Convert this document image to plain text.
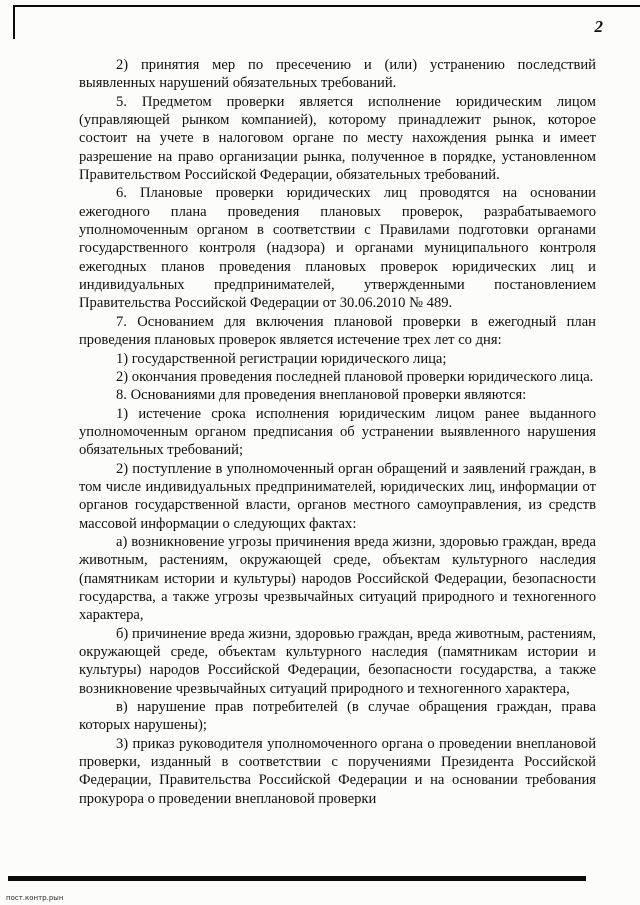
2

2) принятия мер по пресечению и (или) устранению последствий выявленных нарушений обязательных требований.

5. Предметом проверки является исполнение юридическим лицом (управляющей рынком компанией), которому принадлежит рынок, которое состоит на учете в налоговом органе по месту нахождения рынка и имеет разрешение на право организации рынка, полученное в порядке, установленном Правительством Российской Федерации, обязательных требований.

6. Плановые проверки юридических лиц проводятся на основании ежегодного плана проведения плановых проверок, разрабатываемого уполномоченным органом в соответствии с Правилами подготовки органами государственного контроля (надзора) и органами муниципального контроля ежегодных планов проведения плановых проверок юридических лиц и индивидуальных предпринимателей, утвержденными постановлением Правительства Российской Федерации от 30.06.2010 № 489.

7. Основанием для включения плановой проверки в ежегодный план проведения плановых проверок является истечение трех лет со дня:

1) государственной регистрации юридического лица;

2) окончания проведения последней плановой проверки юридического лица.

8. Основаниями для проведения внеплановой проверки являются:

1) истечение срока исполнения юридическим лицом ранее выданного уполномоченным органом предписания об устранении выявленного нарушения обязательных требований;

2) поступление в уполномоченный орган обращений и заявлений граждан, в том числе индивидуальных предпринимателей, юридических лиц, информации от органов государственной власти, органов местного самоуправления, из средств массовой информации о следующих фактах:

а) возникновение угрозы причинения вреда жизни, здоровью граждан, вреда животным, растениям, окружающей среде, объектам культурного наследия (памятникам истории и культуры) народов Российской Федерации, безопасности государства, а также угрозы чрезвычайных ситуаций природного и техногенного характера,

б) причинение вреда жизни, здоровью граждан, вреда животным, растениям, окружающей среде, объектам культурного наследия (памятникам истории и культуры) народов Российской Федерации, безопасности государства, а также возникновение чрезвычайных ситуаций природного и техногенного характера,

в) нарушение прав потребителей (в случае обращения граждан, права которых нарушены);

3) приказ руководителя уполномоченного органа о проведении внеплановой проверки, изданный в соответствии с поручениями Президента Российской Федерации, Правительства Российской Федерации и на основании требования прокурора о проведении внеплановой проверки

пост.контр.рын
